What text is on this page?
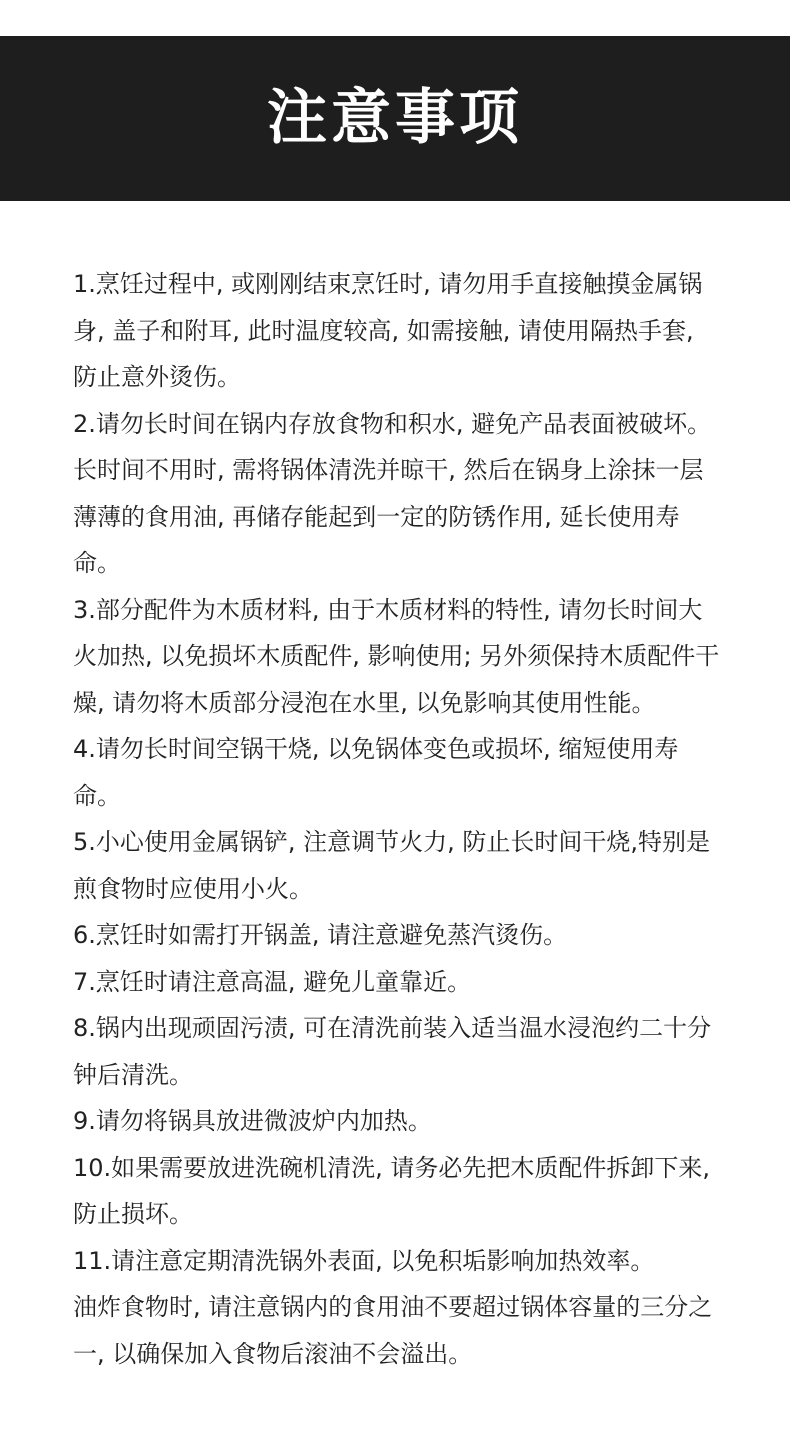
注意事项

1.烹饪过程中, 或刚刚结束烹饪时, 请勿用手直接触摸金属锅身, 盖子和附耳, 此时温度较高, 如需接触, 请使用隔热手套, 防止意外烫伤。

2.请勿长时间在锅内存放食物和积水, 避免产品表面被破坏。长时间不用时, 需将锅体清洗并晾干, 然后在锅身上涂抹一层薄薄的食用油, 再储存能起到一定的防锈作用, 延长使用寿命。

3.部分配件为木质材料, 由于木质材料的特性, 请勿长时间大火加热, 以免损坏木质配件, 影响使用; 另外须保持木质配件干燥, 请勿将木质部分浸泡在水里, 以免影响其使用性能。

4.请勿长时间空锅干烧, 以免锅体变色或损坏, 缩短使用寿命。

5.小心使用金属锅铲, 注意调节火力, 防止长时间干烧,特别是煎食物时应使用小火。

6.烹饪时如需打开锅盖, 请注意避免蒸汽烫伤。

7.烹饪时请注意高温, 避免儿童靠近。

8.锅内出现顽固污渍, 可在清洗前装入适当温水浸泡约二十分钟后清洗。

9.请勿将锅具放进微波炉内加热。

10.如果需要放进洗碗机清洗, 请务必先把木质配件拆卸下来, 防止损坏。

11.请注意定期清洗锅外表面, 以免积垢影响加热效率。

油炸食物时, 请注意锅内的食用油不要超过锅体容量的三分之一, 以确保加入食物后滚油不会溢出。
